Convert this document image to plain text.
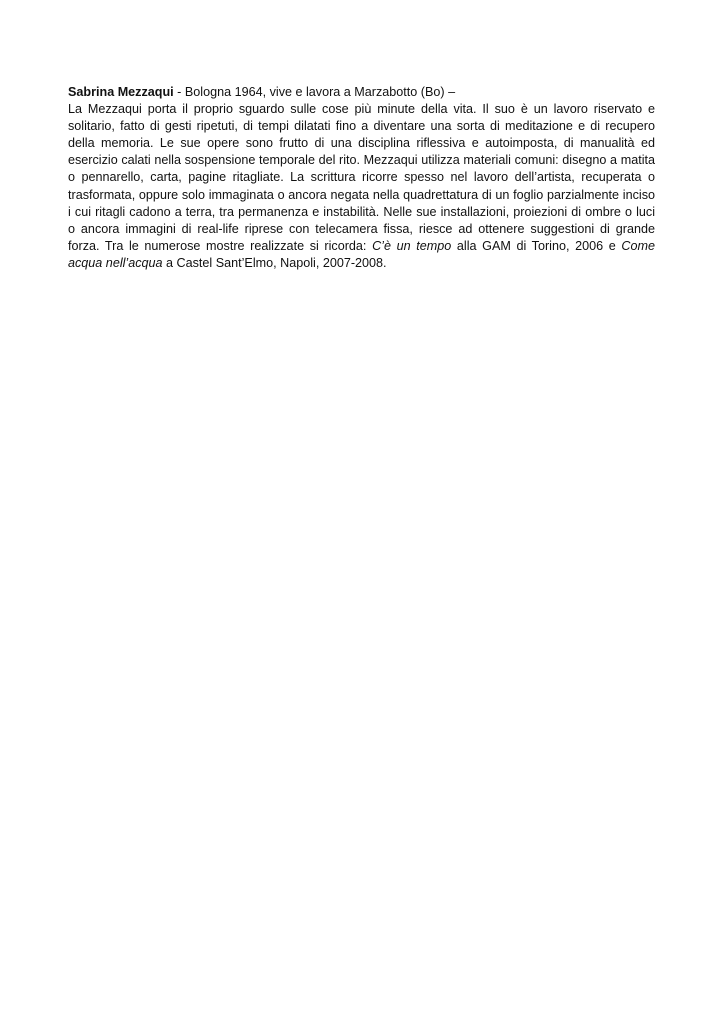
Sabrina Mezzaqui - Bologna 1964, vive e lavora a Marzabotto (Bo) –

La Mezzaqui porta il proprio sguardo sulle cose più minute della vita. Il suo è un lavoro riservato e solitario, fatto di gesti ripetuti, di tempi dilatati fino a diventare una sorta di meditazione e di recupero della memoria. Le sue opere sono frutto di una disciplina riflessiva e autoimposta, di manualità ed esercizio calati nella sospensione temporale del rito. Mezzaqui utilizza materiali comuni: disegno a matita o pennarello, carta, pagine ritagliate. La scrittura ricorre spesso nel lavoro dell’artista, recuperata o trasformata, oppure solo immaginata o ancora negata nella quadrettatura di un foglio parzialmente inciso i cui ritagli cadono a terra, tra permanenza e instabilità. Nelle sue installazioni, proiezioni di ombre o luci o ancora immagini di real-life riprese con telecamera fissa, riesce ad ottenere suggestioni di grande forza. Tra le numerose mostre realizzate si ricorda: C’è un tempo alla GAM di Torino, 2006 e Come acqua nell’acqua a Castel Sant’Elmo, Napoli, 2007-2008.
